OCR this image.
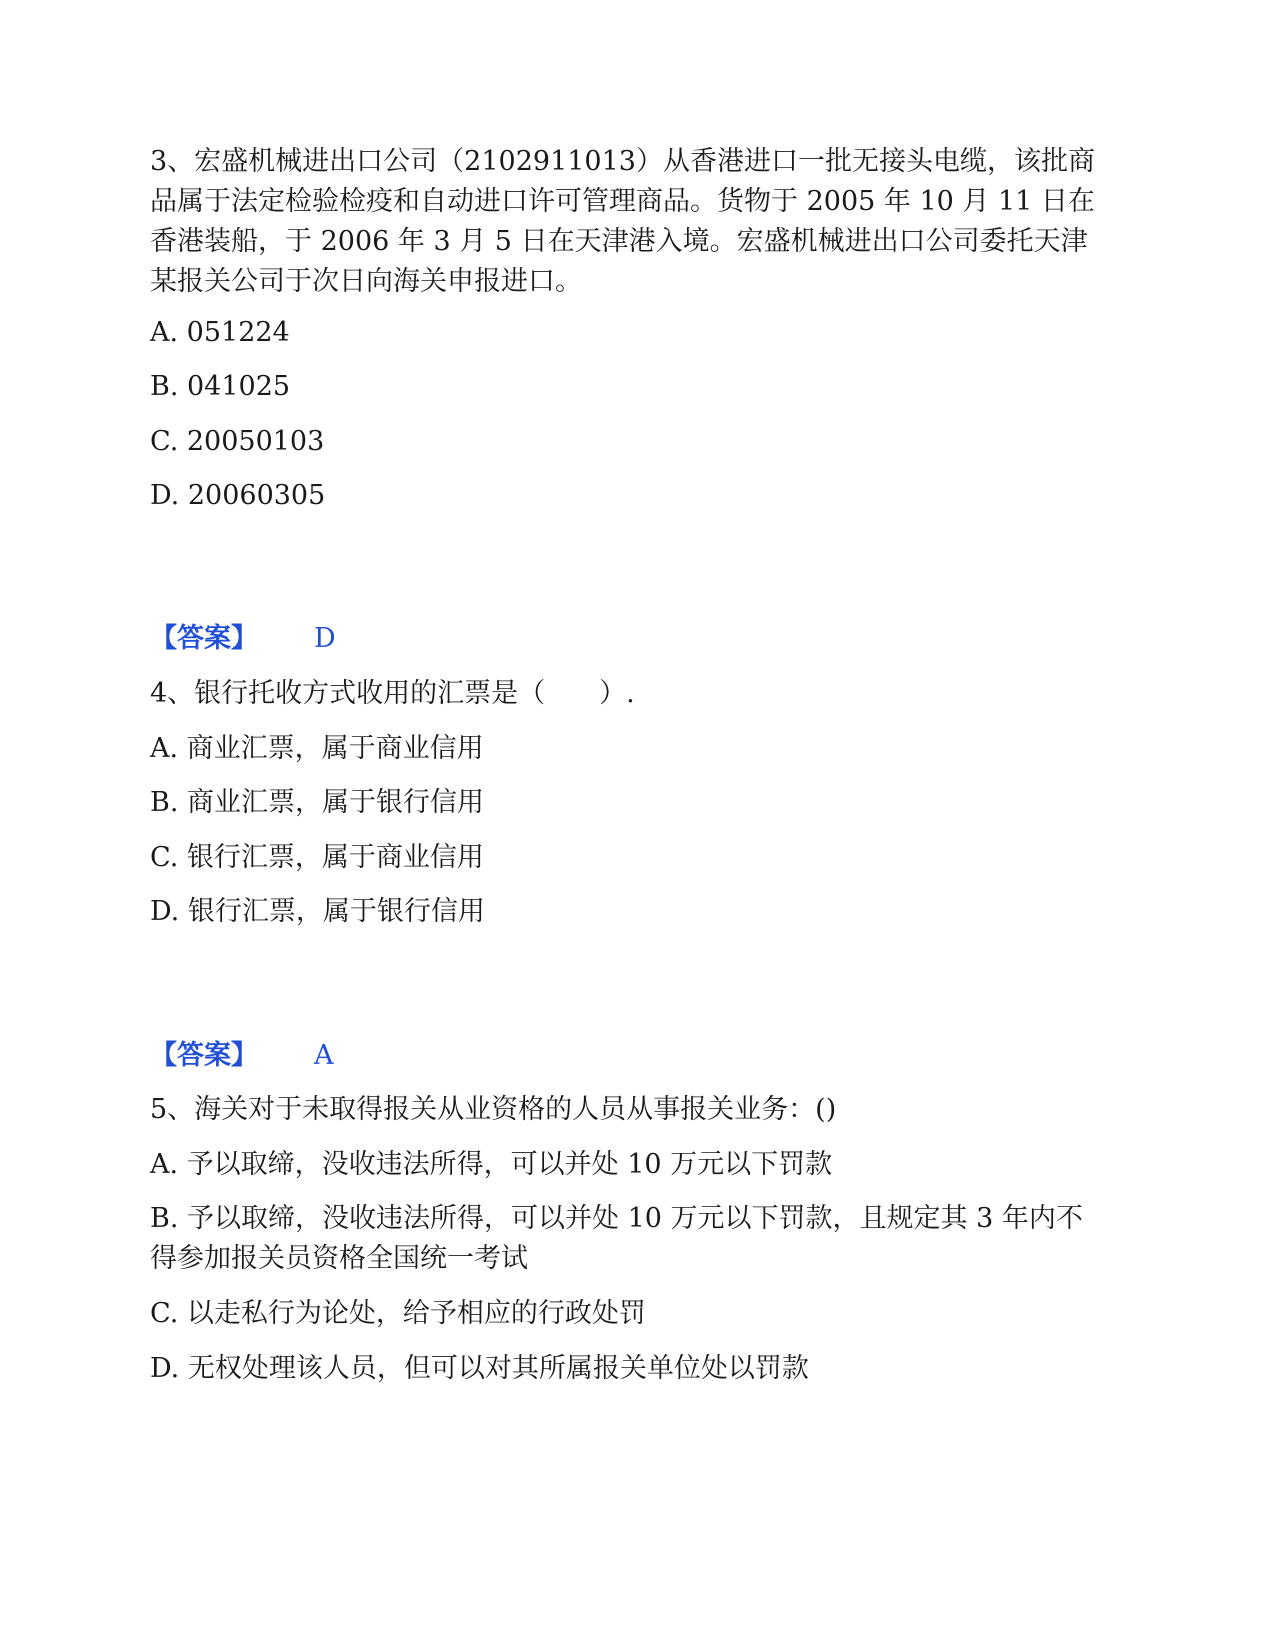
3、宏盛机械进出口公司（2102911013）从香港进口一批无接头电缆，该批商品属于法定检验检疫和自动进口许可管理商品。货物于 2005 年 10 月 11 日在香港装船，于 2006 年 3 月 5 日在天津港入境。宏盛机械进出口公司委托天津某报关公司于次日向海关申报进口。

A. 051224

B. 041025

C. 20050103

D. 20060305

【答案】 D

4、银行托收方式收用的汇票是（　　）.

A. 商业汇票，属于商业信用

B. 商业汇票，属于银行信用

C. 银行汇票，属于商业信用

D. 银行汇票，属于银行信用

【答案】 A

5、海关对于未取得报关从业资格的人员从事报关业务：()

A. 予以取缔，没收违法所得，可以并处 10 万元以下罚款

B. 予以取缔，没收违法所得，可以并处 10 万元以下罚款，且规定其 3 年内不得参加报关员资格全国统一考试

C. 以走私行为论处，给予相应的行政处罚

D. 无权处理该人员，但可以对其所属报关单位处以罚款
